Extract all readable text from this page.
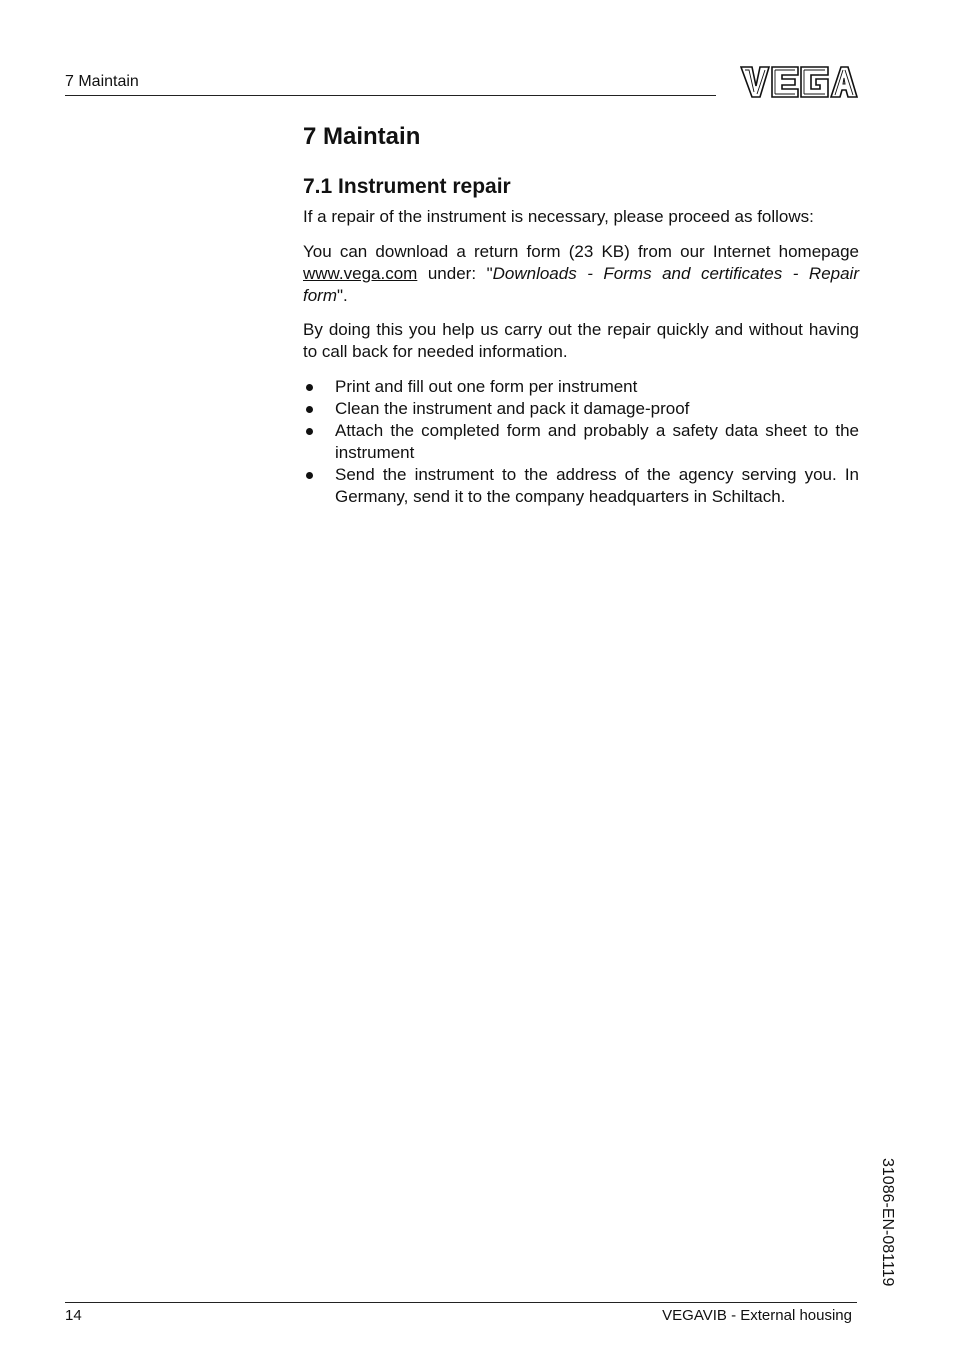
7 Maintain
VEGA
7 Maintain
7.1 Instrument repair

If a repair of the instrument is necessary, please proceed as follows:

You can download a return form (23 KB) from our Internet homepage www.vega.com under: "Downloads - Forms and certificates - Repair form".

By doing this you help us carry out the repair quickly and without having to call back for needed information.

Print and fill out one form per instrument
Clean the instrument and pack it damage-proof
Attach the completed form and probably a safety data sheet to the instrument
Send the instrument to the address of the agency serving you. In Germany, send it to the company headquarters in Schiltach.
31086-EN-081119
14	VEGAVIB - External housing
